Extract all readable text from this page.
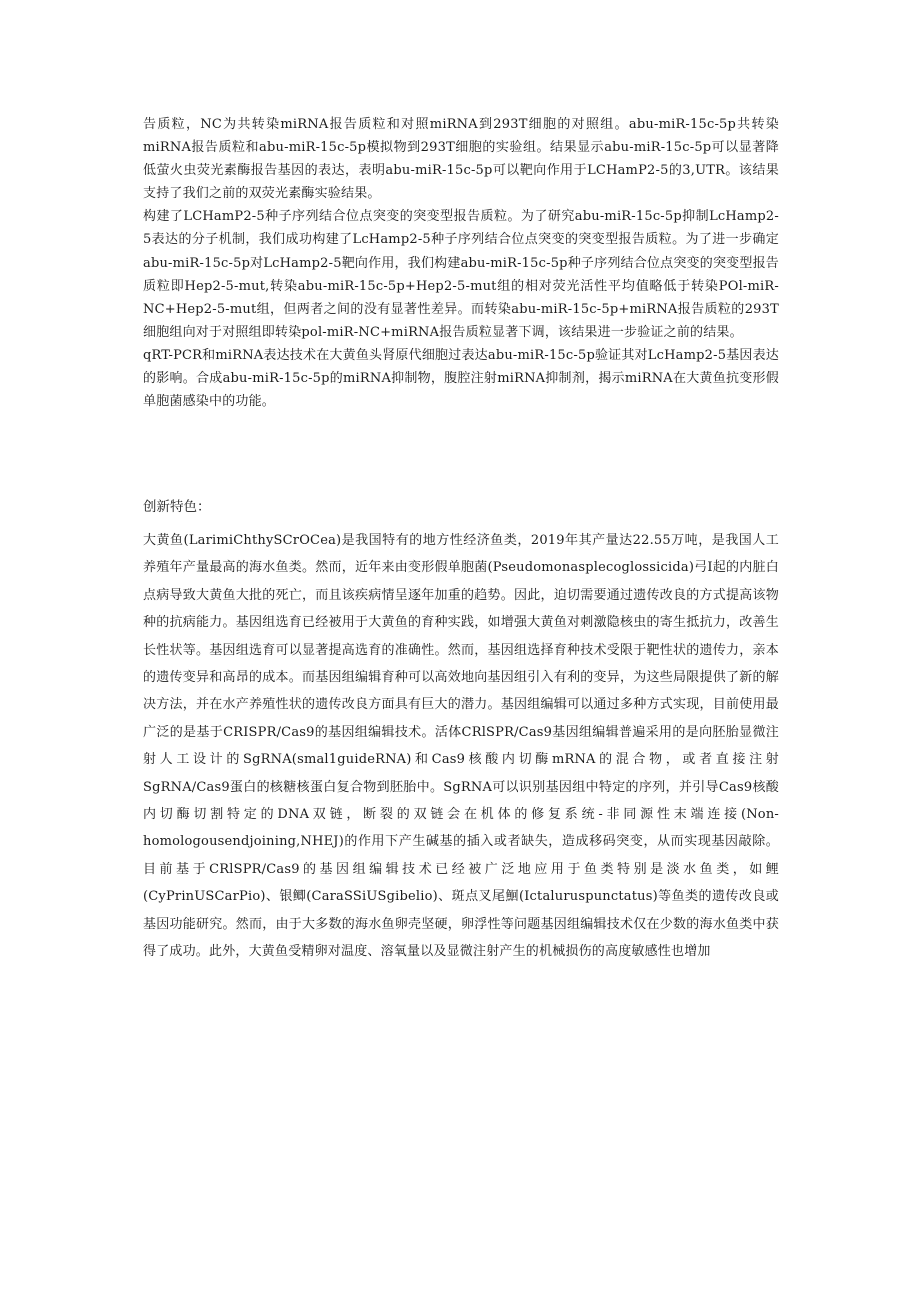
告质粒，NC为共转染miRNA报告质粒和对照miRNA到293T细胞的对照组。abu-miR-15c-5p共转染miRNA报告质粒和abu-miR-15c-5p模拟物到293T细胞的实验组。结果显示abu-miR-15c-5p可以显著降低萤火虫荧光素酶报告基因的表达，表明abu-miR-15c-5p可以靶向作用于LCHamP2-5的3,UTR。该结果支持了我们之前的双荧光素酶实验结果。

构建了LCHamP2-5种子序列结合位点突变的突变型报告质粒。为了研究abu-miR-15c-5p抑制LcHamp2-5表达的分子机制，我们成功构建了LcHamp2-5种子序列结合位点突变的突变型报告质粒。为了进一步确定abu-miR-15c-5p对LcHamp2-5靶向作用，我们构建abu-miR-15c-5p种子序列结合位点突变的突变型报告质粒即Hep2-5-mut,转染abu-miR-15c-5p+Hep2-5-mut组的相对荧光活性平均值略低于转染POl-miR-NC+Hep2-5-mut组，但两者之间的没有显著性差异。而转染abu-miR-15c-5p+miRNA报告质粒的293T细胞组向对于对照组即转染pol-miR-NC+miRNA报告质粒显著下调，该结果进一步验证之前的结果。

qRT-PCR和miRNA表达技术在大黄鱼头肾原代细胞过表达abu-miR-15c-5p验证其对LcHamp2-5基因表达的影响。合成abu-miR-15c-5p的miRNA抑制物，腹腔注射miRNA抑制剂，揭示miRNA在大黄鱼抗变形假单胞菌感染中的功能。

创新特色：

大黄鱼(LarimiChthySCrOCea)是我国特有的地方性经济鱼类，2019年其产量达22.55万吨，是我国人工养殖年产量最高的海水鱼类。然而，近年来由变形假单胞菌(Pseudomonasplecoglossicida)弓I起的内脏白点病导致大黄鱼大批的死亡，而且该疾病情呈逐年加重的趋势。因此，迫切需要通过遗传改良的方式提高该物种的抗病能力。基因组选育已经被用于大黄鱼的育种实践，如增强大黄鱼对刺激隐核虫的寄生抵抗力，改善生长性状等。基因组选育可以显著提高选育的准确性。然而，基因组选择育种技术受限于靶性状的遗传力，亲本的遗传变异和高昂的成本。而基因组编辑育种可以高效地向基因组引入有利的变异，为这些局限提供了新的解决方法，并在水产养殖性状的遗传改良方面具有巨大的潜力。基因组编辑可以通过多种方式实现，目前使用最广泛的是基于CRISPR/Cas9的基因组编辑技术。活体CRlSPR/Cas9基因组编辑普遍采用的是向胚胎显微注射人工设计的SgRNA(smal1guideRNA)和Cas9核酸内切酶mRNA的混合物，或者直接注射SgRNA/Cas9蛋白的核糖核蛋白复合物到胚胎中。SgRNA可以识别基因组中特定的序列，并引导Cas9核酸内切酶切割特定的DNA双链，断裂的双链会在机体的修复系统-非同源性末端连接(Non-homologousendjoining,NHEJ)的作用下产生碱基的插入或者缺失，造成移码突变，从而实现基因敲除。目前基于CRlSPR/Cas9的基因组编辑技术已经被广泛地应用于鱼类特别是淡水鱼类，如鲤(CyPrinUSCarPio)、银鲫(CaraSSiUSgibelio)、斑点叉尾鮰(Ictaluruspunctatus)等鱼类的遗传改良或基因功能研究。然而，由于大多数的海水鱼卵壳坚硬，卵浮性等问题基因组编辑技术仅在少数的海水鱼类中获得了成功。此外，大黄鱼受精卵对温度、溶氧量以及显微注射产生的机械损伤的高度敏感性也增加
